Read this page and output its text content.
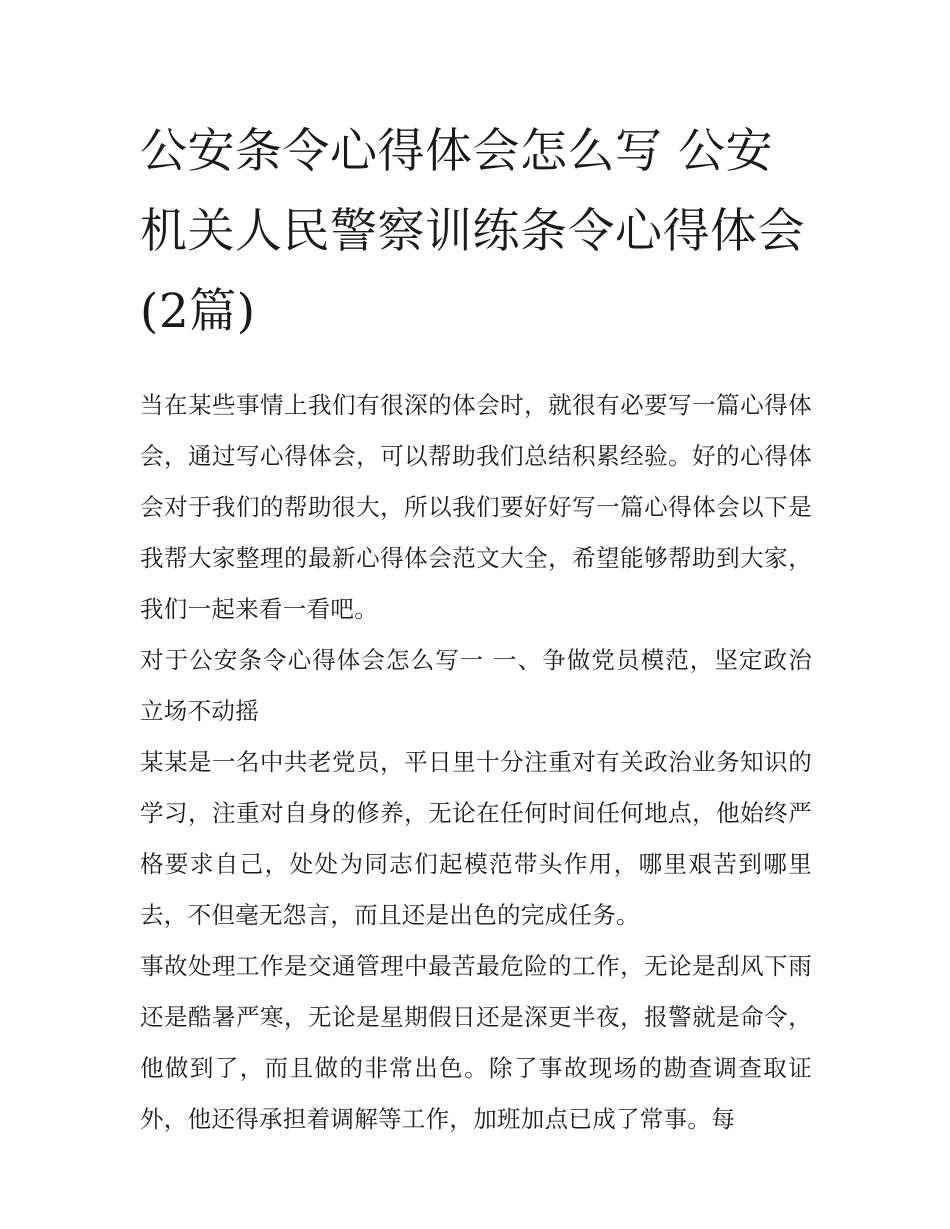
公安条令心得体会怎么写 公安机关人民警察训练条令心得体会(2篇)

当在某些事情上我们有很深的体会时，就很有必要写一篇心得体会，通过写心得体会，可以帮助我们总结积累经验。好的心得体会对于我们的帮助很大，所以我们要好好写一篇心得体会以下是我帮大家整理的最新心得体会范文大全，希望能够帮助到大家，我们一起来看一看吧。

对于公安条令心得体会怎么写一 一、争做党员模范，坚定政治立场不动摇

某某是一名中共老党员，平日里十分注重对有关政治业务知识的学习，注重对自身的修养，无论在任何时间任何地点，他始终严格要求自己，处处为同志们起模范带头作用，哪里艰苦到哪里去，不但毫无怨言，而且还是出色的完成任务。

事故处理工作是交通管理中最苦最危险的工作，无论是刮风下雨还是酷暑严寒，无论是星期假日还是深更半夜，报警就是命令，他做到了，而且做的非常出色。除了事故现场的勘查调查取证外，他还得承担着调解等工作，加班加点已成了常事。每
